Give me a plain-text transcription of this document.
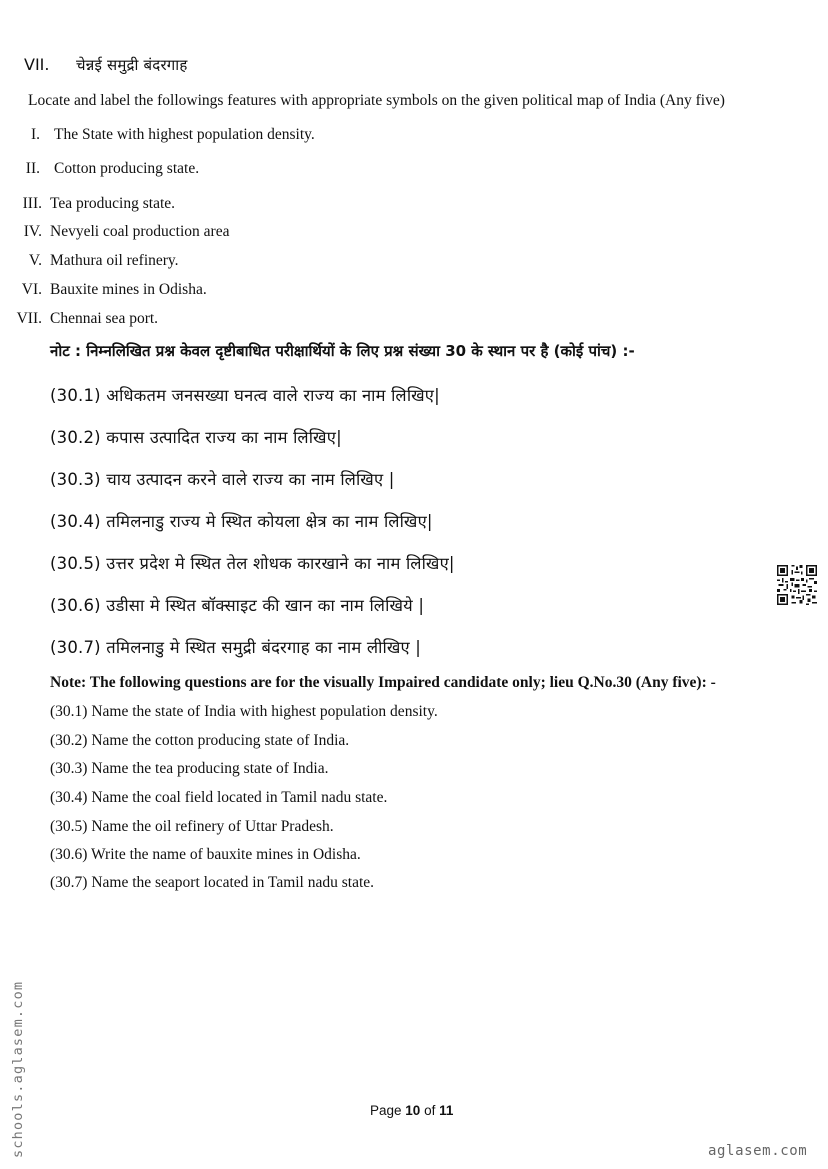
VII. चेन्नई समुद्री बंदरगाह
Locate and label the followings features with appropriate symbols on the given political map of India (Any five)
I. The State with highest population density.
II. Cotton producing state.
III. Tea producing state.
IV. Nevyeli coal production area
V. Mathura oil refinery.
VI. Bauxite mines in Odisha.
VII. Chennai sea port.
नोट : निम्नलिखित प्रश्न केवल दृष्टीबाधित परीक्षार्थियों के लिए प्रश्न संख्या 30 के स्थान पर है (कोई पांच) :-
(30.1) अधिकतम जनसख्या घनत्व वाले राज्य का नाम लिखिए|
(30.2) कपास उत्पादित राज्य का नाम लिखिए|
(30.3) चाय उत्पादन करने वाले राज्य का नाम लिखिए |
(30.4) तमिलनाडु राज्य मे स्थित कोयला क्षेत्र का नाम लिखिए|
(30.5) उत्तर प्रदेश मे स्थित तेल शोधक कारखाने का नाम लिखिए|
(30.6) उडीसा मे स्थित बॉक्साइट की खान का नाम लिखिये |
(30.7) तमिलनाडु मे स्थित समुद्री बंदरगाह का नाम लीखिए |
Note: The following questions are for the visually Impaired candidate only; lieu Q.No.30 (Any five): -
(30.1) Name the state of India with highest population density.
(30.2) Name the cotton producing state of India.
(30.3) Name the tea producing state of India.
(30.4) Name the coal field located in Tamil nadu state.
(30.5) Name the oil refinery of Uttar Pradesh.
(30.6) Write the name of bauxite mines in Odisha.
(30.7) Name the seaport located in Tamil nadu state.
Page 10 of 11
schools.aglasem.com	aglasem.com
